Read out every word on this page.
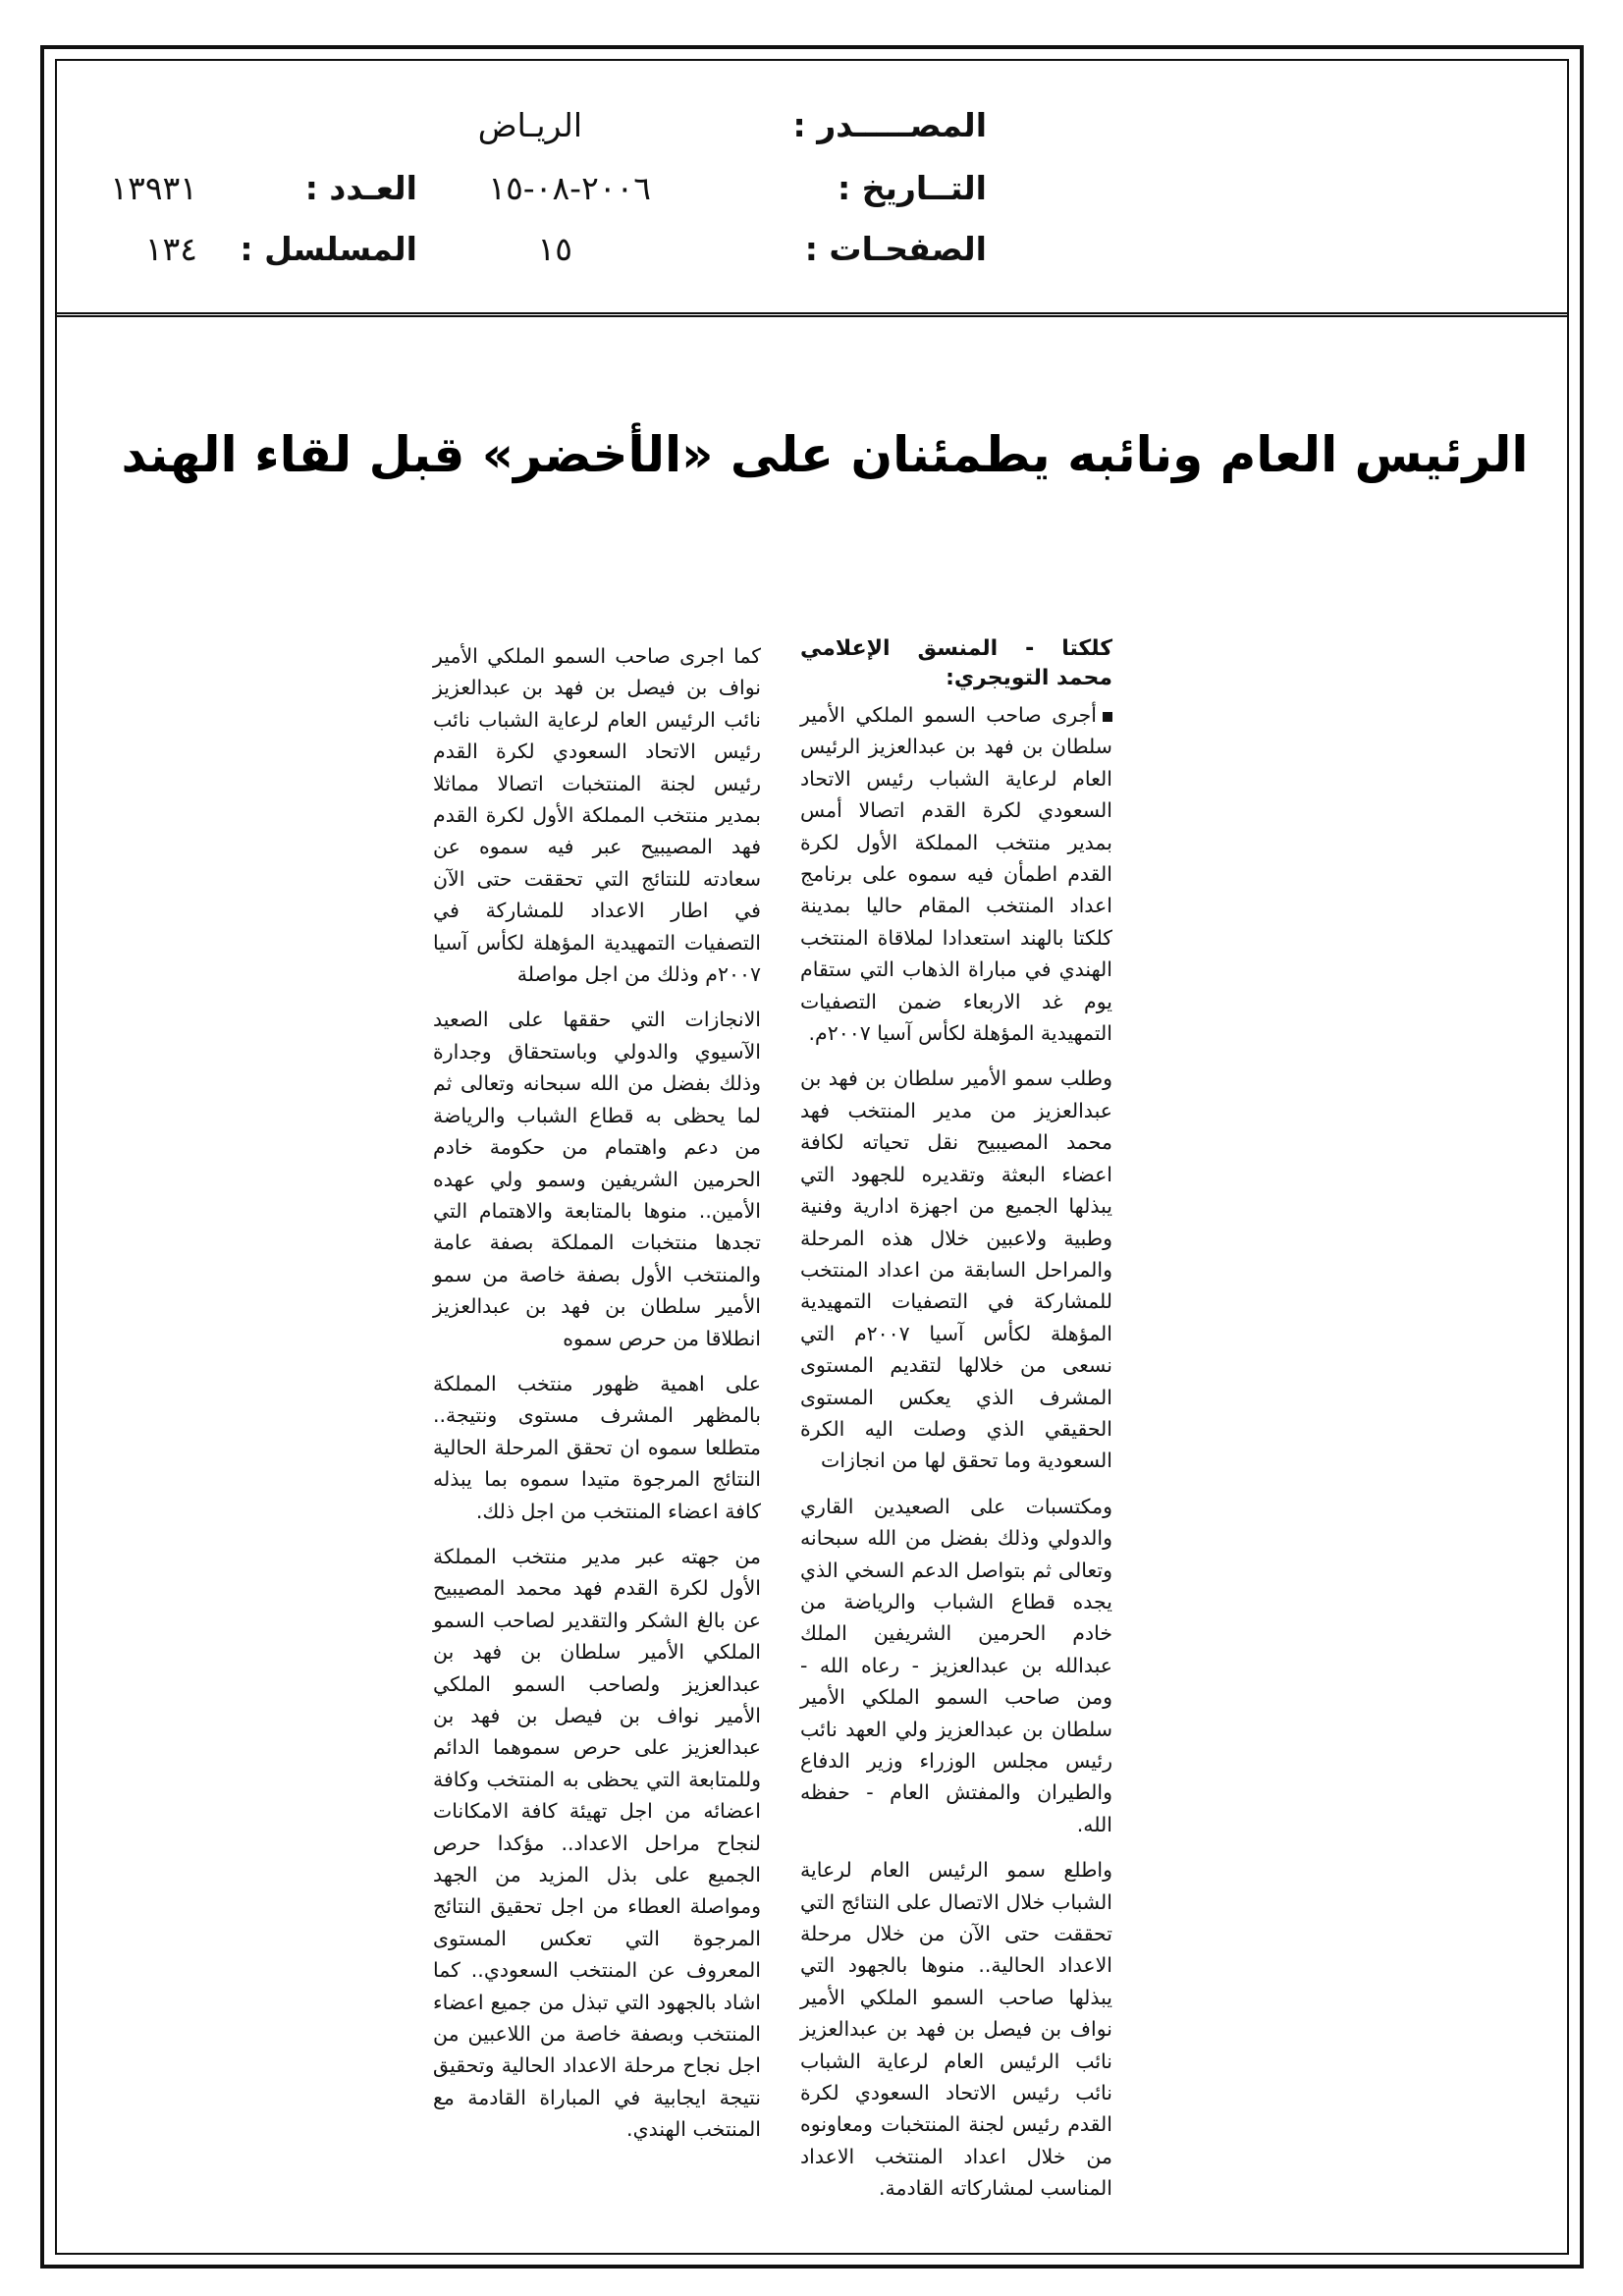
المصـــــدر :
الريـاض
التــاريخ :
٢٠٠٦-٠٨-١٥
العـدد :
١٣٩٣١
الصفحـات :
١٥
المسلسل :
١٣٤
الرئيس العام ونائبه يطمئنان على «الأخضر» قبل لقاء الهند

كلكتا - المنسق الإعلامي محمد التويجري:

أجرى صاحب السمو الملكي الأمير سلطان بن فهد بن عبدالعزيز الرئيس العام لرعاية الشباب رئيس الاتحاد السعودي لكرة القدم اتصالا أمس بمدير منتخب المملكة الأول لكرة القدم اطمأن فيه سموه على برنامج اعداد المنتخب المقام حاليا بمدينة كلكتا بالهند استعدادا لملاقاة المنتخب الهندي في مباراة الذهاب التي ستقام يوم غد الاربعاء ضمن التصفيات التمهيدية المؤهلة لكأس آسيا ٢٠٠٧م.

وطلب سمو الأمير سلطان بن فهد بن عبدالعزيز من مدير المنتخب فهد محمد المصيبيح نقل تحياته لكافة اعضاء البعثة وتقديره للجهود التي يبذلها الجميع من اجهزة ادارية وفنية وطبية ولاعبين خلال هذه المرحلة والمراحل السابقة من اعداد المنتخب للمشاركة في التصفيات التمهيدية المؤهلة لكأس آسيا ٢٠٠٧م التي نسعى من خلالها لتقديم المستوى المشرف الذي يعكس المستوى الحقيقي الذي وصلت اليه الكرة السعودية وما تحقق لها من انجازات

ومكتسبات على الصعيدين القاري والدولي وذلك بفضل من الله سبحانه وتعالى ثم بتواصل الدعم السخي الذي يجده قطاع الشباب والرياضة من خادم الحرمين الشريفين الملك عبدالله بن عبدالعزيز - رعاه الله - ومن صاحب السمو الملكي الأمير سلطان بن عبدالعزيز ولي العهد نائب رئيس مجلس الوزراء وزير الدفاع والطيران والمفتش العام - حفظه الله.

واطلع سمو الرئيس العام لرعاية الشباب خلال الاتصال على النتائج التي تحققت حتى الآن من خلال مرحلة الاعداد الحالية.. منوها بالجهود التي يبذلها صاحب السمو الملكي الأمير نواف بن فيصل بن فهد بن عبدالعزيز نائب الرئيس العام لرعاية الشباب نائب رئيس الاتحاد السعودي لكرة القدم رئيس لجنة المنتخبات ومعاونوه من خلال اعداد المنتخب الاعداد المناسب لمشاركاته القادمة.

كما اجرى صاحب السمو الملكي الأمير نواف بن فيصل بن فهد بن عبدالعزيز نائب الرئيس العام لرعاية الشباب نائب رئيس الاتحاد السعودي لكرة القدم رئيس لجنة المنتخبات اتصالا مماثلا بمدير منتخب المملكة الأول لكرة القدم فهد المصيبيح عبر فيه سموه عن سعادته للنتائج التي تحققت حتى الآن في اطار الاعداد للمشاركة في التصفيات التمهيدية المؤهلة لكأس آسيا ٢٠٠٧م وذلك من اجل مواصلة

الانجازات التي حققها على الصعيد الآسيوي والدولي وباستحقاق وجدارة وذلك بفضل من الله سبحانه وتعالى ثم لما يحظى به قطاع الشباب والرياضة من دعم واهتمام من حكومة خادم الحرمين الشريفين وسمو ولي عهده الأمين.. منوها بالمتابعة والاهتمام التي تجدها منتخبات المملكة بصفة عامة والمنتخب الأول بصفة خاصة من سمو الأمير سلطان بن فهد بن عبدالعزيز انطلاقا من حرص سموه

على اهمية ظهور منتخب المملكة بالمظهر المشرف مستوى ونتيجة.. متطلعا سموه ان تحقق المرحلة الحالية النتائج المرجوة متيدا سموه بما يبذله كافة اعضاء المنتخب من اجل ذلك.

من جهته عبر مدير منتخب المملكة الأول لكرة القدم فهد محمد المصيبيح عن بالغ الشكر والتقدير لصاحب السمو الملكي الأمير سلطان بن فهد بن عبدالعزيز ولصاحب السمو الملكي الأمير نواف بن فيصل بن فهد بن عبدالعزيز على حرص سموهما الدائم وللمتابعة التي يحظى به المنتخب وكافة اعضائه من اجل تهيئة كافة الامكانات لنجاح مراحل الاعداد.. مؤكدا حرص الجميع على بذل المزيد من الجهد ومواصلة العطاء من اجل تحقيق النتائج المرجوة التي تعكس المستوى المعروف عن المنتخب السعودي.. كما اشاد بالجهود التي تبذل من جميع اعضاء المنتخب وبصفة خاصة من اللاعبين من اجل نجاح مرحلة الاعداد الحالية وتحقيق نتيجة ايجابية في المباراة القادمة مع المنتخب الهندي.
